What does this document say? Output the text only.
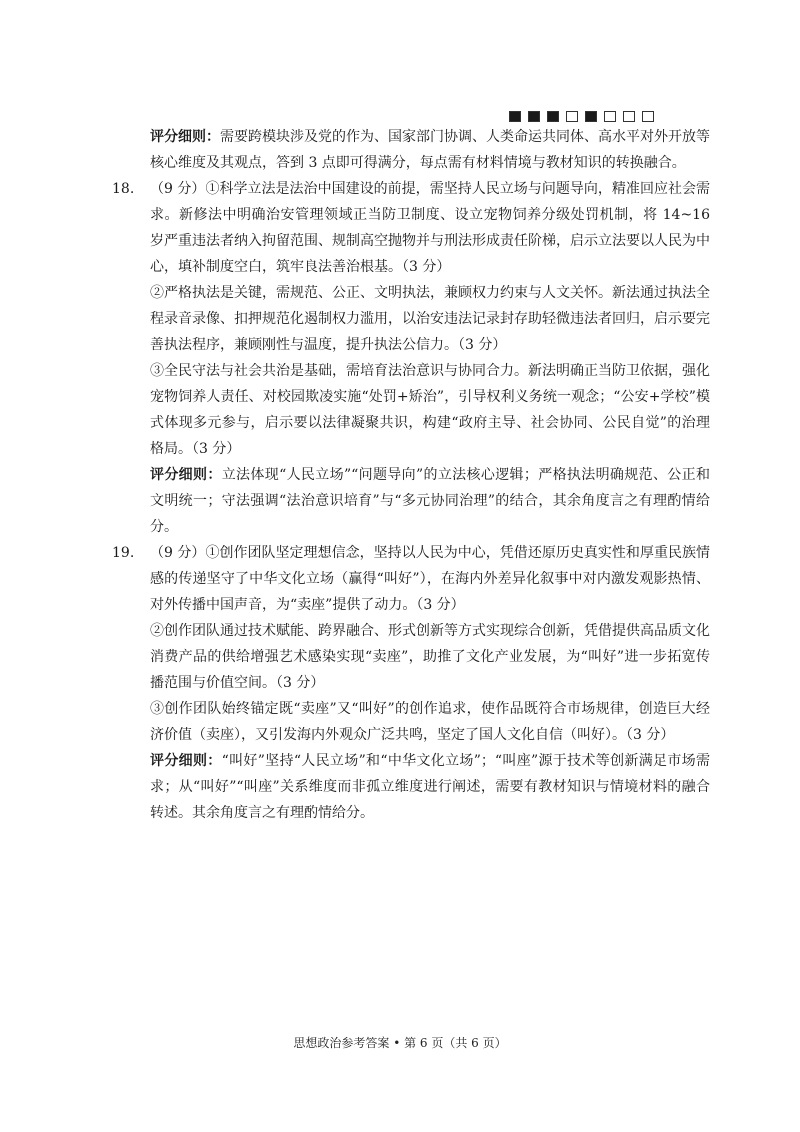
评分细则：需要跨模块涉及党的作为、国家部门协调、人类命运共同体、高水平对外开放等核心维度及其观点，答到 3 点即可得满分，每点需有材料情境与教材知识的转换融合。

18. （9 分）①科学立法是法治中国建设的前提，需坚持人民立场与问题导向，精准回应社会需求。新修法中明确治安管理领域正当防卫制度、设立宠物饲养分级处罚机制，将 14~16 岁严重违法者纳入拘留范围、规制高空抛物并与刑法形成责任阶梯，启示立法要以人民为中心，填补制度空白，筑牢良法善治根基。（3 分）

②严格执法是关键，需规范、公正、文明执法，兼顾权力约束与人文关怀。新法通过执法全程录音录像、扣押规范化遏制权力滥用，以治安违法记录封存助轻微违法者回归，启示要完善执法程序，兼顾刚性与温度，提升执法公信力。（3 分）

③全民守法与社会共治是基础，需培育法治意识与协同合力。新法明确正当防卫依据，强化宠物饲养人责任、对校园欺凌实施“处罚+矫治”，引导权利义务统一观念；“公安+学校”模式体现多元参与，启示要以法律凝聚共识，构建“政府主导、社会协同、公民自觉”的治理格局。（3 分）

评分细则：立法体现“人民立场”“问题导向”的立法核心逻辑；严格执法明确规范、公正和文明统一；守法强调“法治意识培育”与“多元协同治理”的结合，其余角度言之有理酌情给分。

19. （9 分）①创作团队坚定理想信念，坚持以人民为中心，凭借还原历史真实性和厚重民族情感的传递坚守了中华文化立场（赢得“叫好”），在海内外差异化叙事中对内激发观影热情、对外传播中国声音，为“卖座”提供了动力。（3 分）

②创作团队通过技术赋能、跨界融合、形式创新等方式实现综合创新，凭借提供高品质文化消费产品的供给增强艺术感染实现“卖座”，助推了文化产业发展，为“叫好”进一步拓宽传播范围与价值空间。（3 分）

③创作团队始终锚定既“卖座”又“叫好”的创作追求，使作品既符合市场规律，创造巨大经济价值（卖座），又引发海内外观众广泛共鸣，坚定了国人文化自信（叫好）。（3 分）

评分细则：“叫好”坚持“人民立场”和“中华文化立场”；“叫座”源于技术等创新满足市场需求；从“叫好”“叫座”关系维度而非孤立维度进行阐述，需要有教材知识与情境材料的融合转述。其余角度言之有理酌情给分。

思想政治参考答案 • 第 6 页（共 6 页）
